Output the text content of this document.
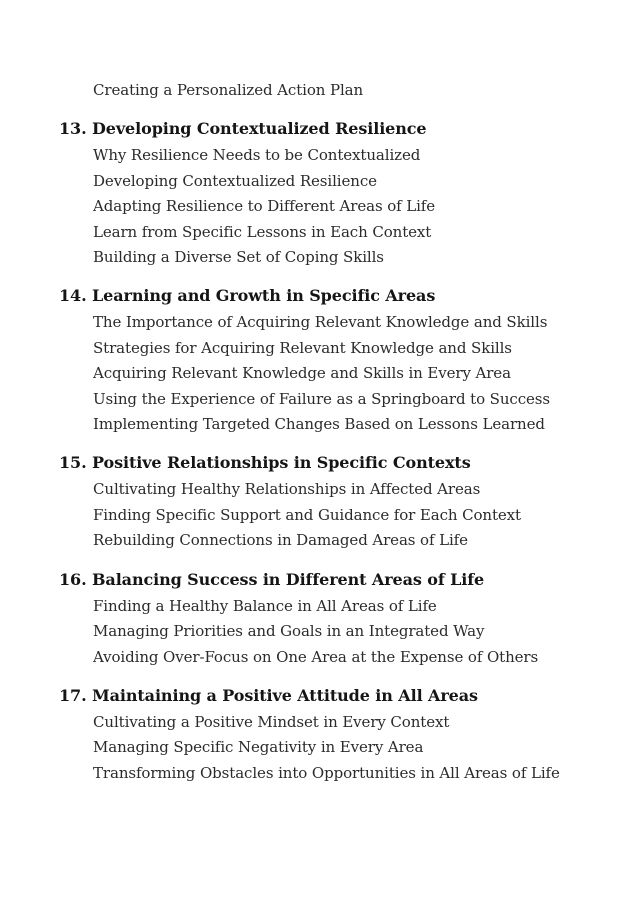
Creating a Personalized Action Plan

13. Developing Contextualized Resilience

Why Resilience Needs to be Contextualized

Developing Contextualized Resilience

Adapting Resilience to Different Areas of Life

Learn from Specific Lessons in Each Context

Building a Diverse Set of Coping Skills

14. Learning and Growth in Specific Areas

The Importance of Acquiring Relevant Knowledge and Skills

Strategies for Acquiring Relevant Knowledge and Skills

Acquiring Relevant Knowledge and Skills in Every Area

Using the Experience of Failure as a Springboard to Success

Implementing Targeted Changes Based on Lessons Learned

15. Positive Relationships in Specific Contexts

Cultivating Healthy Relationships in Affected Areas

Finding Specific Support and Guidance for Each Context

Rebuilding Connections in Damaged Areas of Life

16. Balancing Success in Different Areas of Life

Finding a Healthy Balance in All Areas of Life

Managing Priorities and Goals in an Integrated Way

Avoiding Over-Focus on One Area at the Expense of Others

17. Maintaining a Positive Attitude in All Areas

Cultivating a Positive Mindset in Every Context

Managing Specific Negativity in Every Area

Transforming Obstacles into Opportunities in All Areas of Life
